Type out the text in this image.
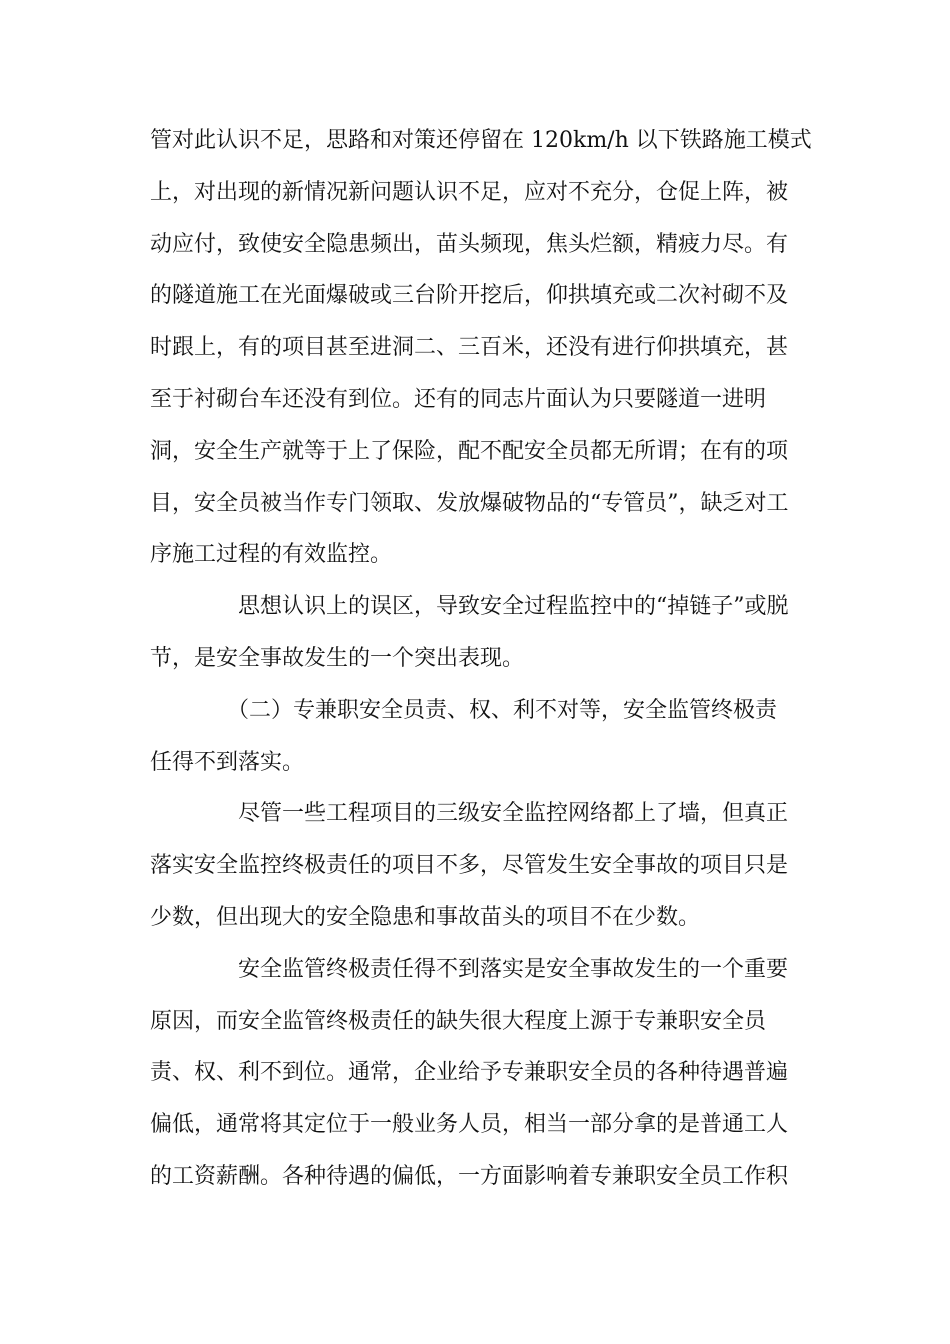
管对此认识不足，思路和对策还停留在 120km/h 以下铁路施工模式
上，对出现的新情况新问题认识不足，应对不充分，仓促上阵，被
动应付，致使安全隐患频出，苗头频现，焦头烂额，精疲力尽。有
的隧道施工在光面爆破或三台阶开挖后，仰拱填充或二次衬砌不及
时跟上，有的项目甚至进洞二、三百米，还没有进行仰拱填充，甚
至于衬砌台车还没有到位。还有的同志片面认为只要隧道一进明
洞，安全生产就等于上了保险，配不配安全员都无所谓；在有的项
目，安全员被当作专门领取、发放爆破物品的“专管员”，缺乏对工
序施工过程的有效监控。
思想认识上的误区，导致安全过程监控中的“掉链子”或脱
节，是安全事故发生的一个突出表现。
（二）专兼职安全员责、权、利不对等，安全监管终极责
任得不到落实。
尽管一些工程项目的三级安全监控网络都上了墙，但真正
落实安全监控终极责任的项目不多，尽管发生安全事故的项目只是
少数，但出现大的安全隐患和事故苗头的项目不在少数。
安全监管终极责任得不到落实是安全事故发生的一个重要
原因，而安全监管终极责任的缺失很大程度上源于专兼职安全员
责、权、利不到位。通常，企业给予专兼职安全员的各种待遇普遍
偏低，通常将其定位于一般业务人员，相当一部分拿的是普通工人
的工资薪酬。各种待遇的偏低，一方面影响着专兼职安全员工作积
